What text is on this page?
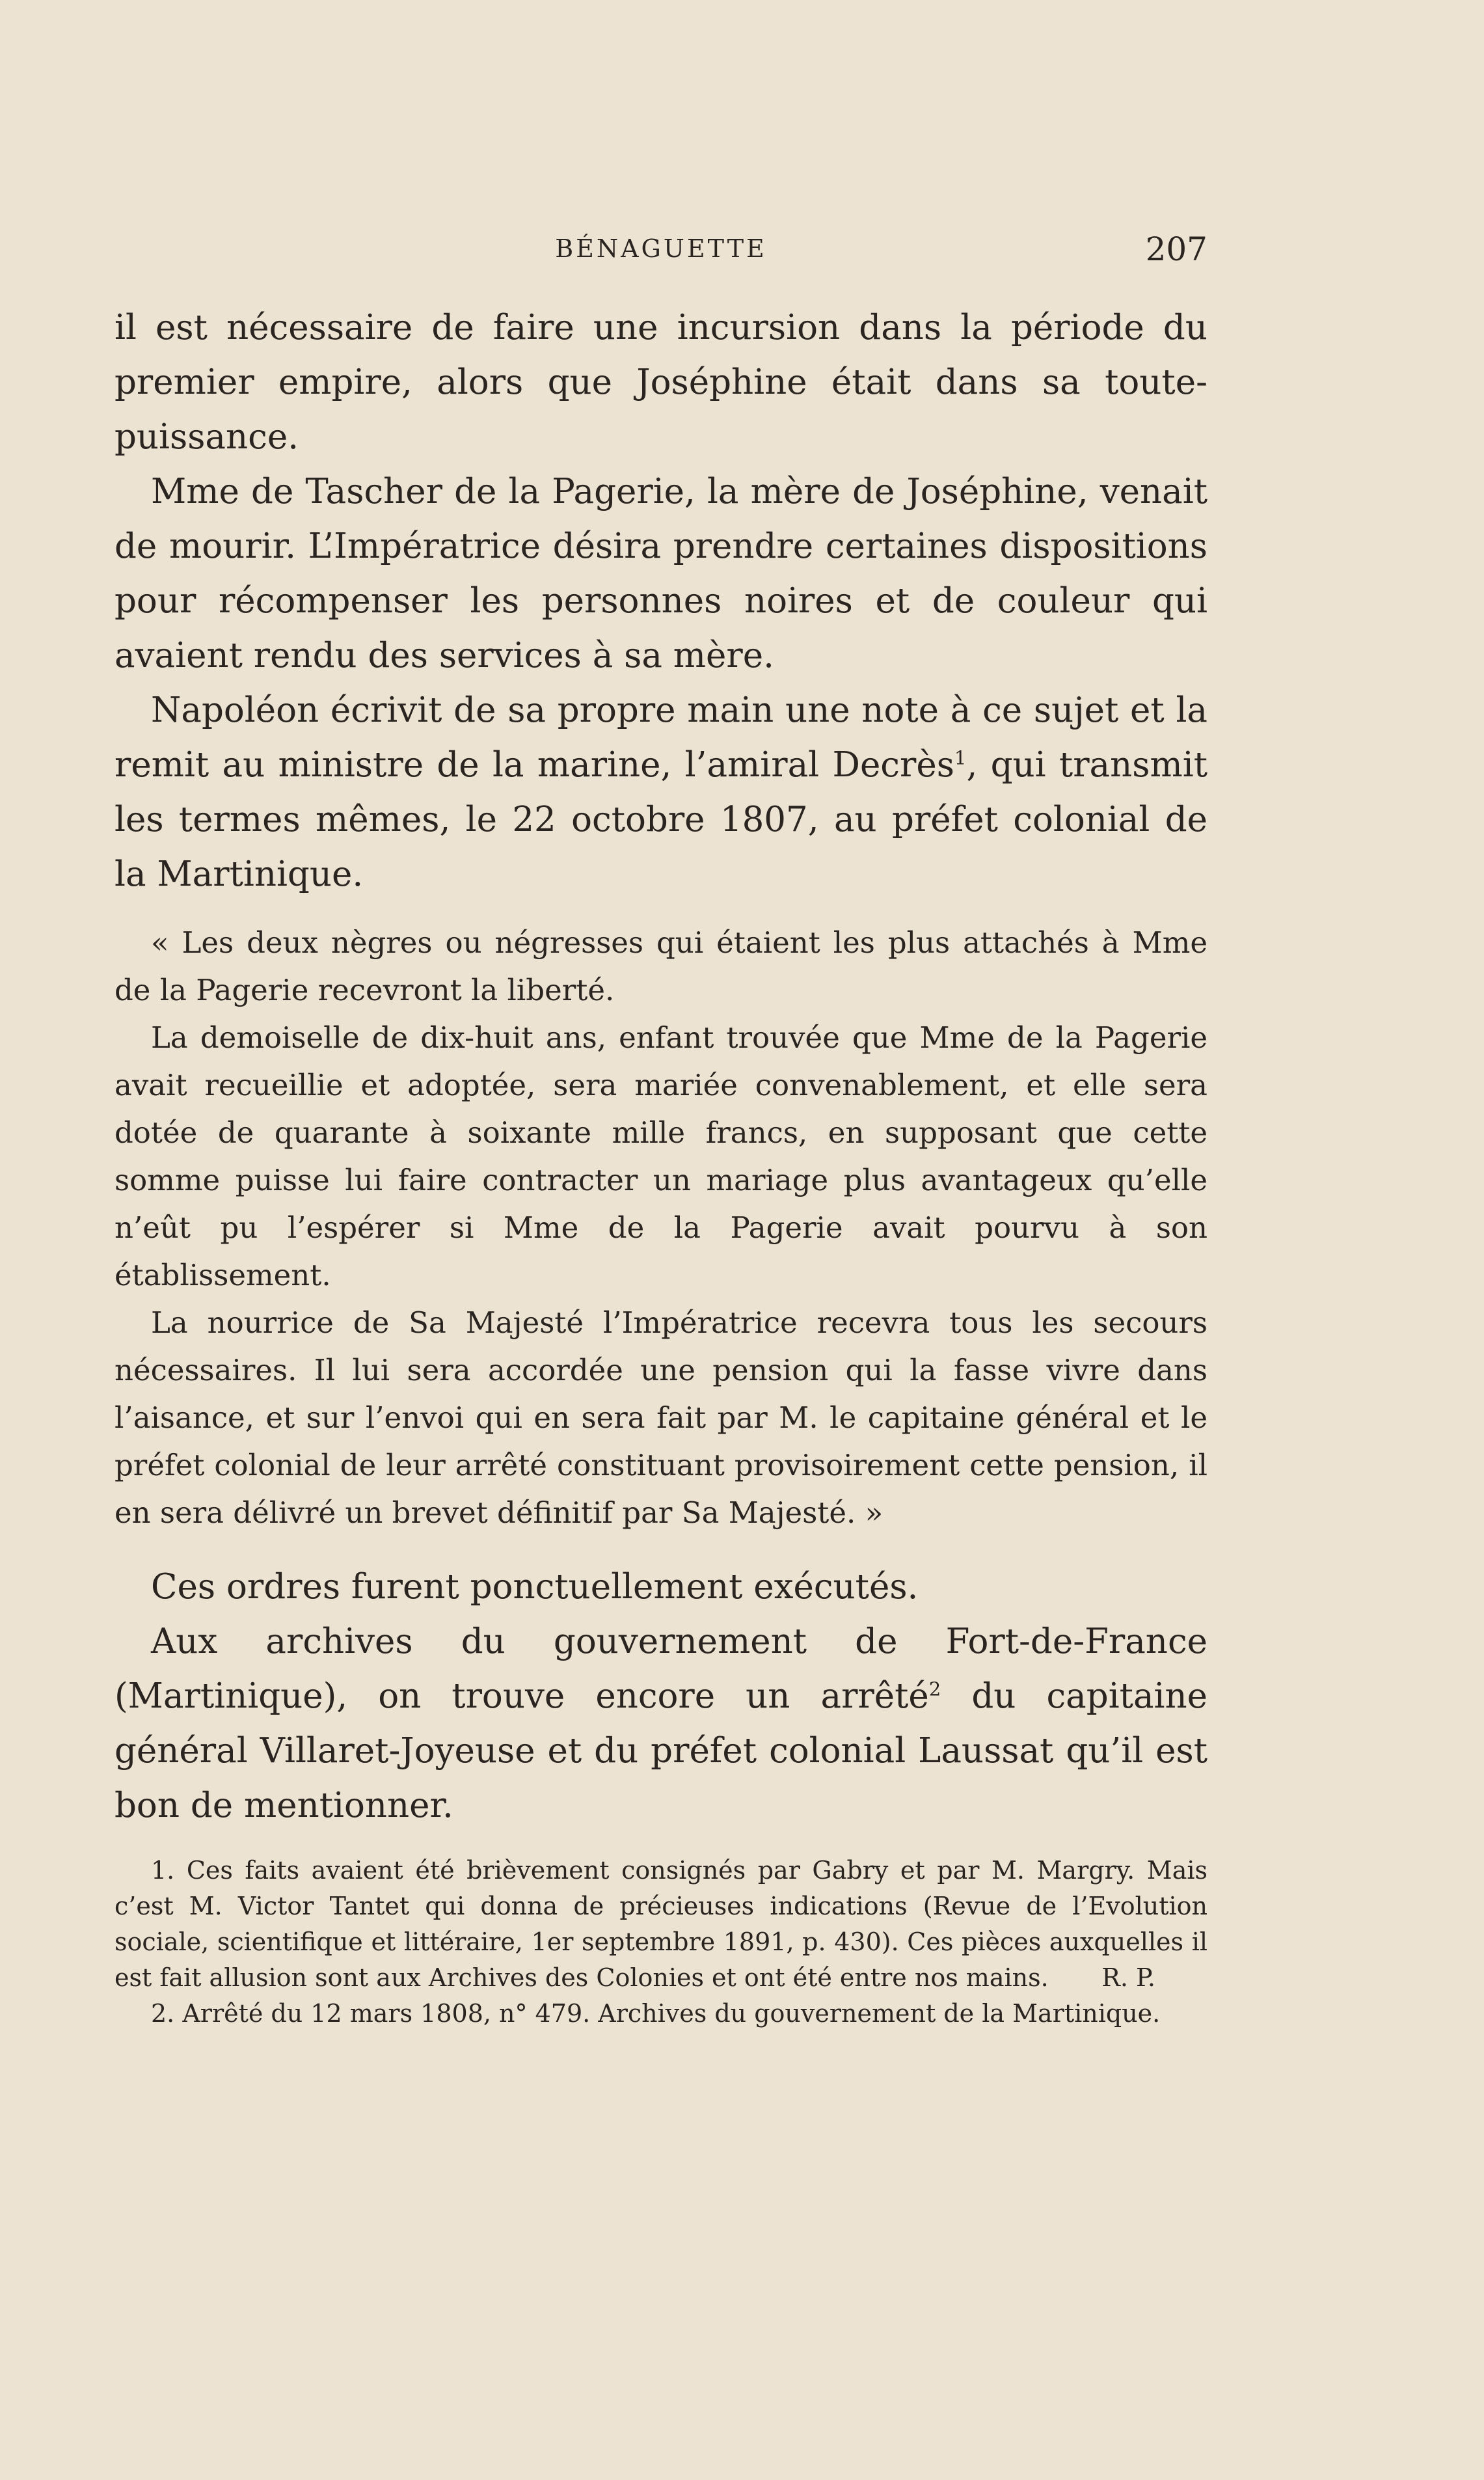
BÉNAGUETTE	207

il est nécessaire de faire une incursion dans la période du premier empire, alors que Joséphine était dans sa toute-puissance.

Mme de Tascher de la Pagerie, la mère de Joséphine, venait de mourir. L’Impératrice désira prendre certaines dispositions pour récompenser les personnes noires et de couleur qui avaient rendu des services à sa mère.

Napoléon écrivit de sa propre main une note à ce sujet et la remit au ministre de la marine, l’amiral Decrès$^1$, qui transmit les termes mêmes, le 22 octobre 1807, au préfet colonial de la Martinique.

« Les deux nègres ou négresses qui étaient les plus attachés à Mme de la Pagerie recevront la liberté.

La demoiselle de dix-huit ans, enfant trouvée que Mme de la Pagerie avait recueillie et adoptée, sera mariée convenablement, et elle sera dotée de quarante à soixante mille francs, en supposant que cette somme puisse lui faire contracter un mariage plus avantageux qu’elle n’eût pu l’espérer si Mme de la Pagerie avait pourvu à son établissement.

La nourrice de Sa Majesté l’Impératrice recevra tous les secours nécessaires. Il lui sera accordée une pension qui la fasse vivre dans l’aisance, et sur l’envoi qui en sera fait par M. le capitaine général et le préfet colonial de leur arrêté constituant provisoirement cette pension, il en sera délivré un brevet définitif par Sa Majesté. »

Ces ordres furent ponctuellement exécutés.

Aux archives du gouvernement de Fort-de-France (Martinique), on trouve encore un arrêté$^2$ du capitaine général Villaret-Joyeuse et du préfet colonial Laussat qu’il est bon de mentionner.

1. Ces faits avaient été brièvement consignés par Gabry et par M. Margry. Mais c’est M. Victor Tantet qui donna de précieuses indications (Revue de l’Evolution sociale, scientifique et littéraire, 1er septembre 1891, p. 430). Ces pièces auxquelles il est fait allusion sont aux Archives des Colonies et ont été entre nos mains.	R. P.

2. Arrêté du 12 mars 1808, n° 479. Archives du gouvernement de la Martinique.
